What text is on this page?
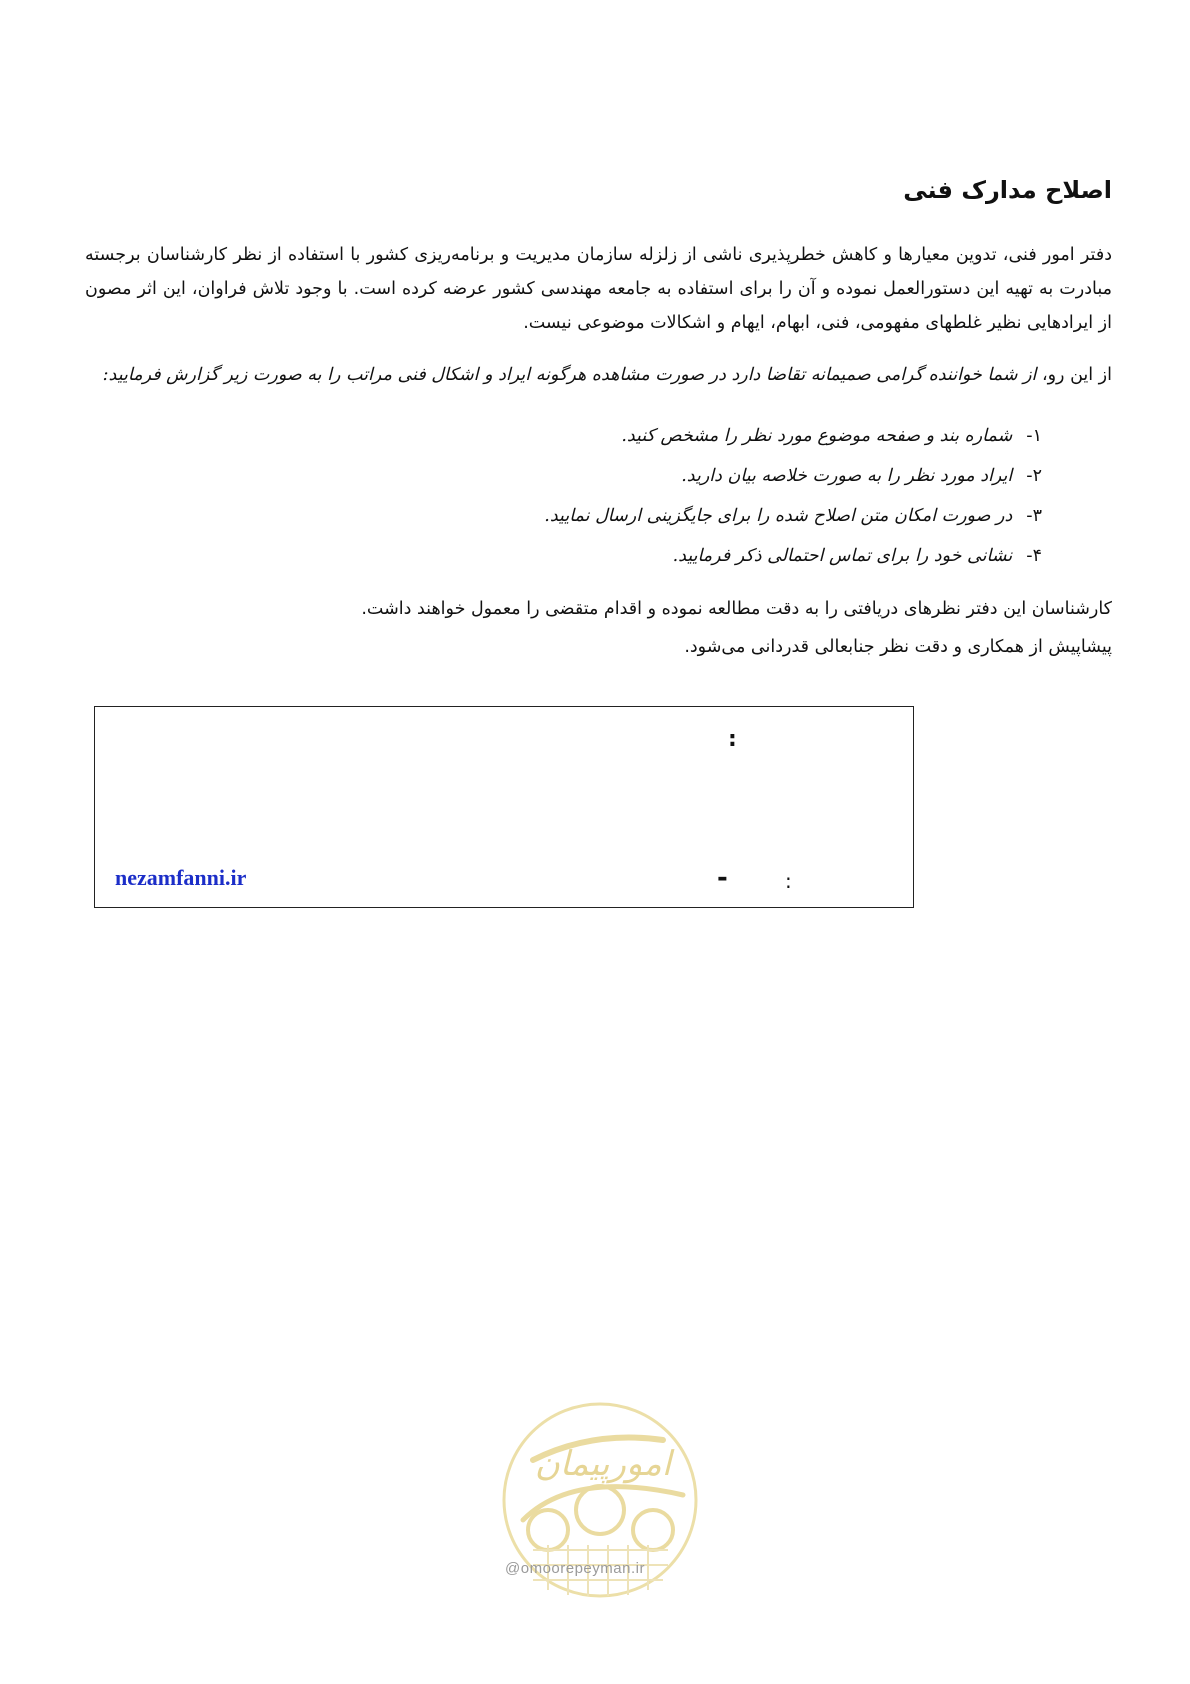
اصلاح مدارک فنی

دفتر امور فنی، تدوین معیارها و کاهش خطرپذیری ناشی از زلزله سازمان مدیریت و برنامه‌ریزی کشور با استفاده از نظر کارشناسان برجسته مبادرت به تهیه این دستورالعمل نموده و آن را برای استفاده به جامعه مهندسی کشور عرضه کرده است. با وجود تلاش فراوان، این اثر مصون از ایرادهایی نظیر غلطهای مفهومی، فنی، ابهام، ایهام و اشکالات موضوعی نیست.

از این رو، از شما خواننده گرامی صمیمانه تقاضا دارد در صورت مشاهده هرگونه ایراد و اشکال فنی مراتب را به صورت زیر گزارش فرمایید:

۱-
شماره بند و صفحه موضوع مورد نظر را مشخص کنید.
۲-
ایراد مورد نظر را به صورت خلاصه بیان دارید.
۳-
در صورت امکان متن اصلاح شده را برای جایگزینی ارسال نمایید.
۴-
نشانی خود را برای تماس احتمالی ذکر فرمایید.

کارشناسان این دفتر نظرهای دریافتی را به دقت مطالعه نموده و اقدام متقضی را معمول خواهند داشت.

پیشاپیش از همکاری و دقت نظر جنابعالی قدردانی می‌شود.

:
-	:
nezamfanni.ir
امورپیمان
@omoorepeyman.ir
